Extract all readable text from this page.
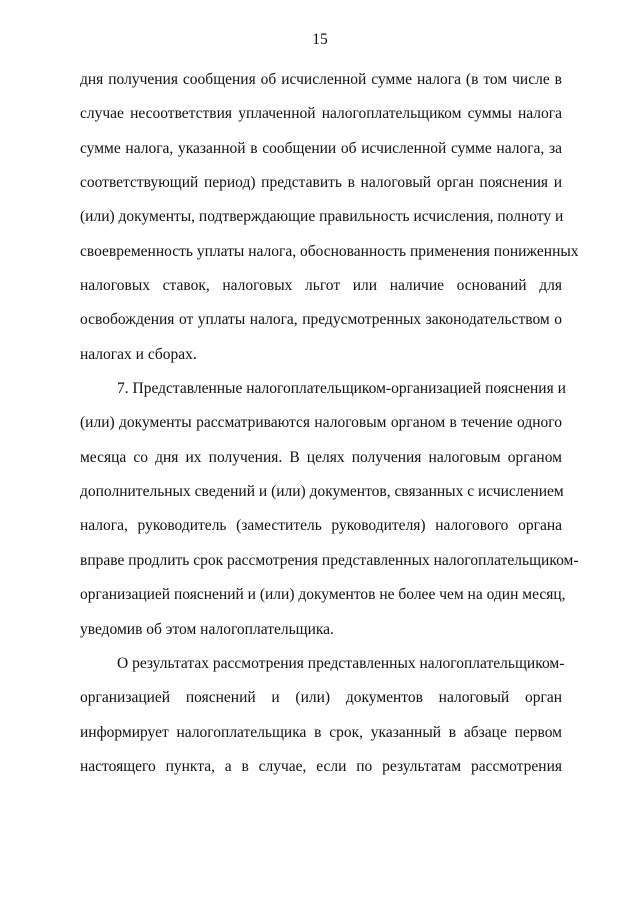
15
дня получения сообщения об исчисленной сумме налога (в том числе в
случае несоответствия уплаченной налогоплательщиком суммы налога
сумме налога, указанной в сообщении об исчисленной сумме налога, за
соответствующий период) представить в налоговый орган пояснения и
(или) документы, подтверждающие правильность исчисления, полноту и
своевременность уплаты налога, обоснованность применения пониженных
налоговых ставок, налоговых льгот или наличие оснований для
освобождения от уплаты налога, предусмотренных законодательством о
налогах и сборах.
7. Представленные налогоплательщиком-организацией пояснения и
(или) документы рассматриваются налоговым органом в течение одного
месяца со дня их получения. В целях получения налоговым органом
дополнительных сведений и (или) документов, связанных с исчислением
налога, руководитель (заместитель руководителя) налогового органа
вправе продлить срок рассмотрения представленных налогоплательщиком-
организацией пояснений и (или) документов не более чем на один месяц,
уведомив об этом налогоплательщика.
О результатах рассмотрения представленных налогоплательщиком-
организацией пояснений и (или) документов налоговый орган
информирует налогоплательщика в срок, указанный в абзаце первом
настоящего пункта, а в случае, если по результатам рассмотрения
